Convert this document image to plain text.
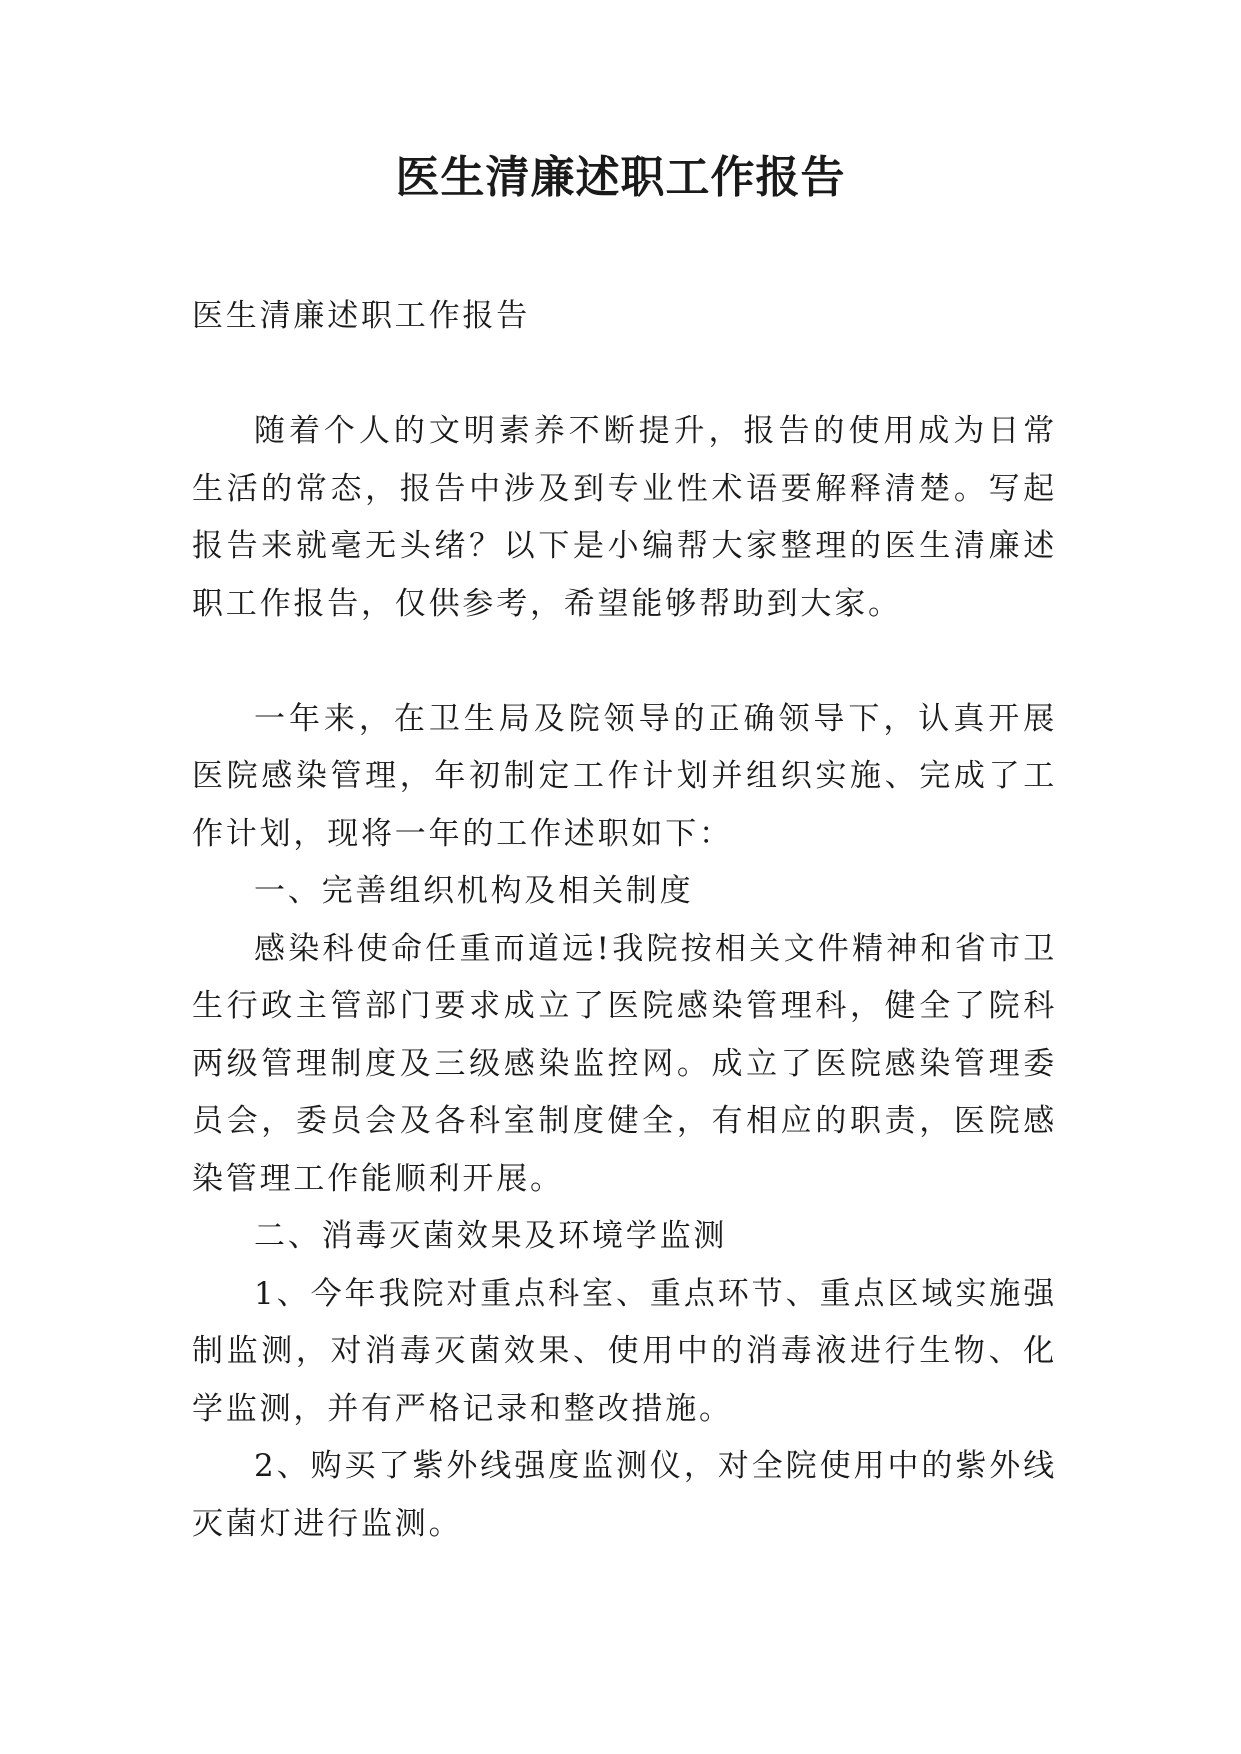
医生清廉述职工作报告

医生清廉述职工作报告

随着个人的文明素养不断提升，报告的使用成为日常生活的常态，报告中涉及到专业性术语要解释清楚。写起报告来就毫无头绪？以下是小编帮大家整理的医生清廉述职工作报告，仅供参考，希望能够帮助到大家。

一年来，在卫生局及院领导的正确领导下，认真开展医院感染管理，年初制定工作计划并组织实施、完成了工作计划，现将一年的工作述职如下：

一、完善组织机构及相关制度

感染科使命任重而道远!我院按相关文件精神和省市卫生行政主管部门要求成立了医院感染管理科，健全了院科两级管理制度及三级感染监控网。成立了医院感染管理委员会，委员会及各科室制度健全，有相应的职责，医院感染管理工作能顺利开展。

二、消毒灭菌效果及环境学监测

1、今年我院对重点科室、重点环节、重点区域实施强制监测，对消毒灭菌效果、使用中的消毒液进行生物、化学监测，并有严格记录和整改措施。

2、购买了紫外线强度监测仪，对全院使用中的紫外线灭菌灯进行监测。
